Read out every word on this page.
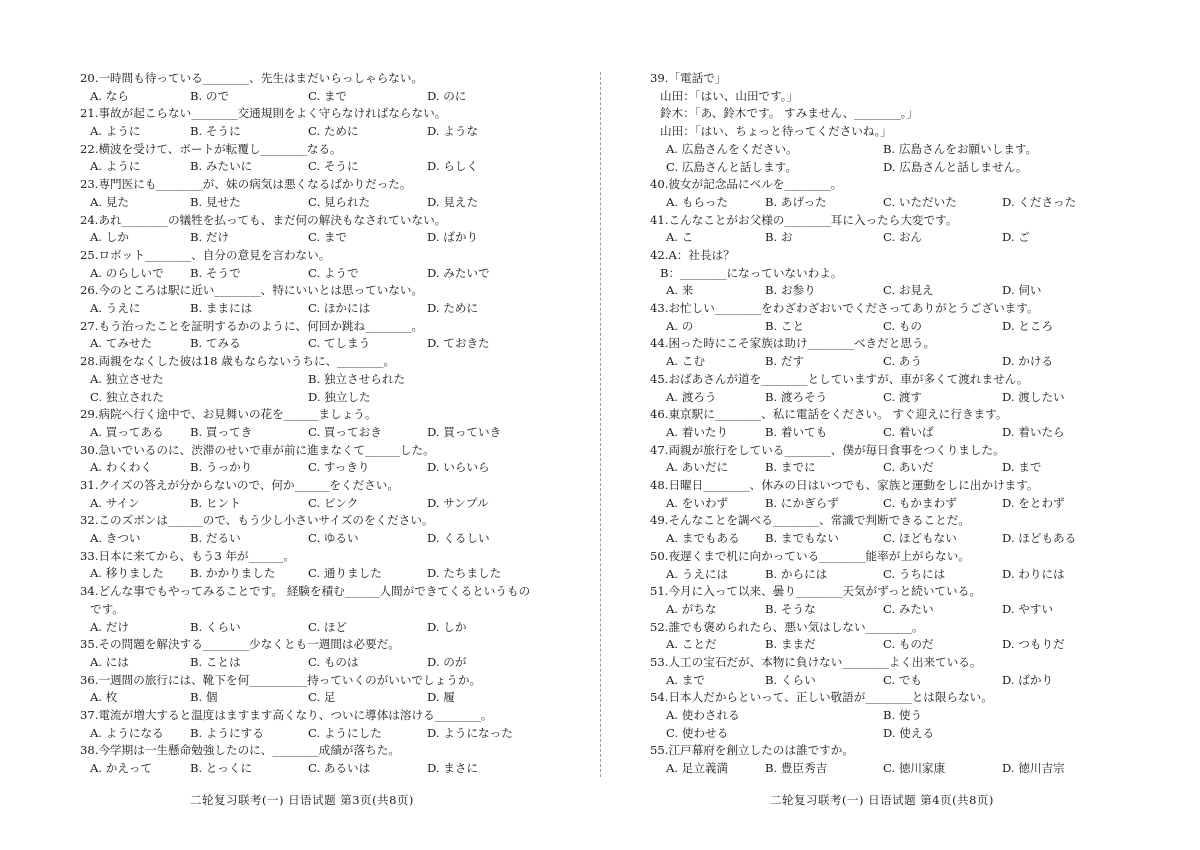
20.一時間も待っている________、先生はまだいらっしゃらない。
A. なら	B. ので	C. まで	D. のに
21.事故が起こらない________交通規則をよく守らなければならない。
A. ように	B. そうに	C. ために	D. ような
22.横波を受けて、ボートが転覆し________なる。
A. ように	B. みたいに	C. そうに	D. らしく
23.専門医にも________が、妹の病気は悪くなるばかりだった。
A. 見た	B. 見せた	C. 見られた	D. 見えた
24.あれ________の犠牲を払っても、まだ何の解決もなされていない。
A. しか	B. だけ	C. まで	D. ばかり
25.ロボット________、自分の意見を言わない。
A. のらしいで B. そうで	C. ようで	D. みたいで
26.今のところは駅に近い________、特にいいとは思っていない。
A. うえに	B. ままには	C. ほかには	D. ために
27.もう治ったことを証明するかのように、何回か跳ね________。
A. てみせた	B. てみる	C. てしまう	D. ておきた
28.両親をなくした彼は18 歳もならないうちに、________。
A. 独立させた	B. 独立させられた
C. 独立された	D. 独立した
29.病院へ行く途中で、お見舞いの花を______ましょう。
A. 買ってある B. 買ってき	C. 買っておき	D. 買っていき
30.急いでいるのに、渋滞のせいで車が前に進まなくて______した。
A. わくわく	B. うっかり	C. すっきり	D. いらいら
31.クイズの答えが分からないので、何か______をください。
A. サイン	B. ヒント	C. ピンク	D. サンプル
32.このズボンは______ので、もう少し小さいサイズのをください。
A. きつい	B. だるい	C. ゆるい	D. くるしい
33.日本に来てから、もう3 年が______。
A. 移りました B. かかりました	C. 通りました	D. たちました
34.どんな事でもやってみることです。 経験を積む______人間ができてくるというもの
です。
A. だけ	B. くらい	C. ほど	D. しか
35.その問題を解決する________少なくとも一週間は必要だ。
A. には	B. ことは	C. ものは	D. のが
36.一週間の旅行には、靴下を何__________持っていくのがいいでしょうか。
A. 枚	B. 個	C. 足	D. 履
37.電流が増大すると温度はますます高くなり、ついに導体は溶ける________。
A. ようになる B. ようにする	C. ようにした	D. ようになった
38.今学期は一生懸命勉強したのに、________成績が落ちた。
A. かえって	B. とっくに	C. あるいは	D. まさに
39.「電話で」
山田：「はい、山田です。」
鈴木：「あ、鈴木です。 すみません、________。」
山田：「はい、ちょっと待ってくださいね。」
A. 広島さんをください。	B. 広島さんをお願いします。
C. 広島さんと話します。	D. 広島さんと話しません。
40.彼女が記念品にベルを________。
A. もらった	B. あげった	C. いただいた	D. くださった
41.こんなことがお父様の________耳に入ったら大変です。
A. こ	B. お	C. おん	D. ご
42.A：社長は？
B：________になっていないわよ。
A. 来	B. お参り	C. お見え	D. 伺い
43.お忙しい________をわざわざおいでくださってありがとうございます。
A. の	B. こと	C. もの	D. ところ
44.困った時にこそ家族は助け________べきだと思う。
A. こむ	B. だす	C. あう	D. かける
45.おばあさんが道を________としていますが、車が多くて渡れません。
A. 渡ろう	B. 渡ろそう	C. 渡す	D. 渡したい
46.東京駅に________、私に電話をください。 すぐ迎えに行きます。
A. 着いたり	B. 着いても	C. 着いば	D. 着いたら
47.両親が旅行をしている________、僕が毎日食事をつくりました。
A. あいだに	B. までに	C. あいだ	D. まで
48.日曜日________、休みの日はいつでも、家族と運動をしに出かけます。
A. をいわず	B. にかぎらず	C. もかまわず	D. をとわず
49.そんなことを調べる________、常識で判断できることだ。
A. までもある B. までもない	C. ほどもない	D. ほどもある
50.夜遅くまで机に向かっている________能率が上がらない。
A. うえには	B. からには	C. うちには	D. わりには
51.今月に入って以来、曇り________天気がずっと続いている。
A. がちな	B. そうな	C. みたい	D. やすい
52.誰でも褒められたら、悪い気はしない________。
A. ことだ	B. ままだ	C. ものだ	D. つもりだ
53.人工の宝石だが、本物に負けない________よく出来ている。
A. まで	B. くらい	C. でも	D. ばかり
54.日本人だからといって、正しい敬語が________とは限らない。
A. 使わされる	B. 使う
C. 使わせる	D. 使える
55.江戸幕府を創立したのは誰ですか。
A. 足立義満	B. 豊臣秀吉	C. 徳川家康	D. 徳川吉宗
二轮复习联考(一) 日语试题 第3页(共8页)	二轮复习联考(一) 日语试题 第4页(共8页)
